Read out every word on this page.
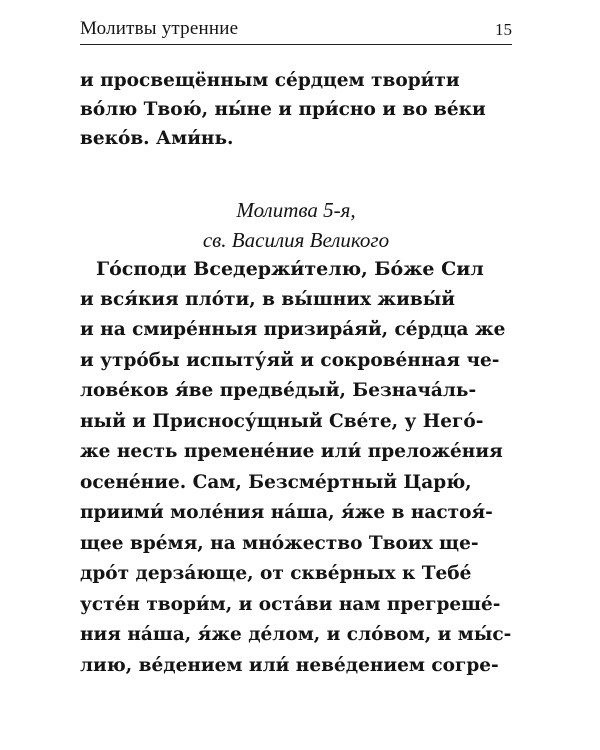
Молитвы утренние	15
и просвещённым се́рдцем твори́ти
во́лю Твою́, ны́не и при́сно и во ве́ки
веко́в. Ами́нь.
Молитва 5-я,
св. Василия Великого
Го́споди Вседержи́телю, Бо́же Сил
и вся́кия пло́ти, в вы́шних живы́й
и на смире́нныя призира́яй, се́рдца же
и утро́бы испыту́яй и сокрове́нная че-
лове́ков я́ве предве́дый, Безнача́ль-
ный и Присносу́щный Све́те, у Него́-
же несть премене́ние или́ преложе́ния
осене́ние. Сам, Безсме́ртный Царю́,
приими́ моле́ния на́ша, я́же в настоя́-
щее вре́мя, на мно́жество Твоих ще-
дро́т дерза́юще, от скве́рных к Тебе́
усте́н твори́м, и оста́ви нам прегреше́-
ния на́ша, я́же де́лом, и сло́вом, и мы́с-
лию, ве́дением или́ неве́дением согре-
